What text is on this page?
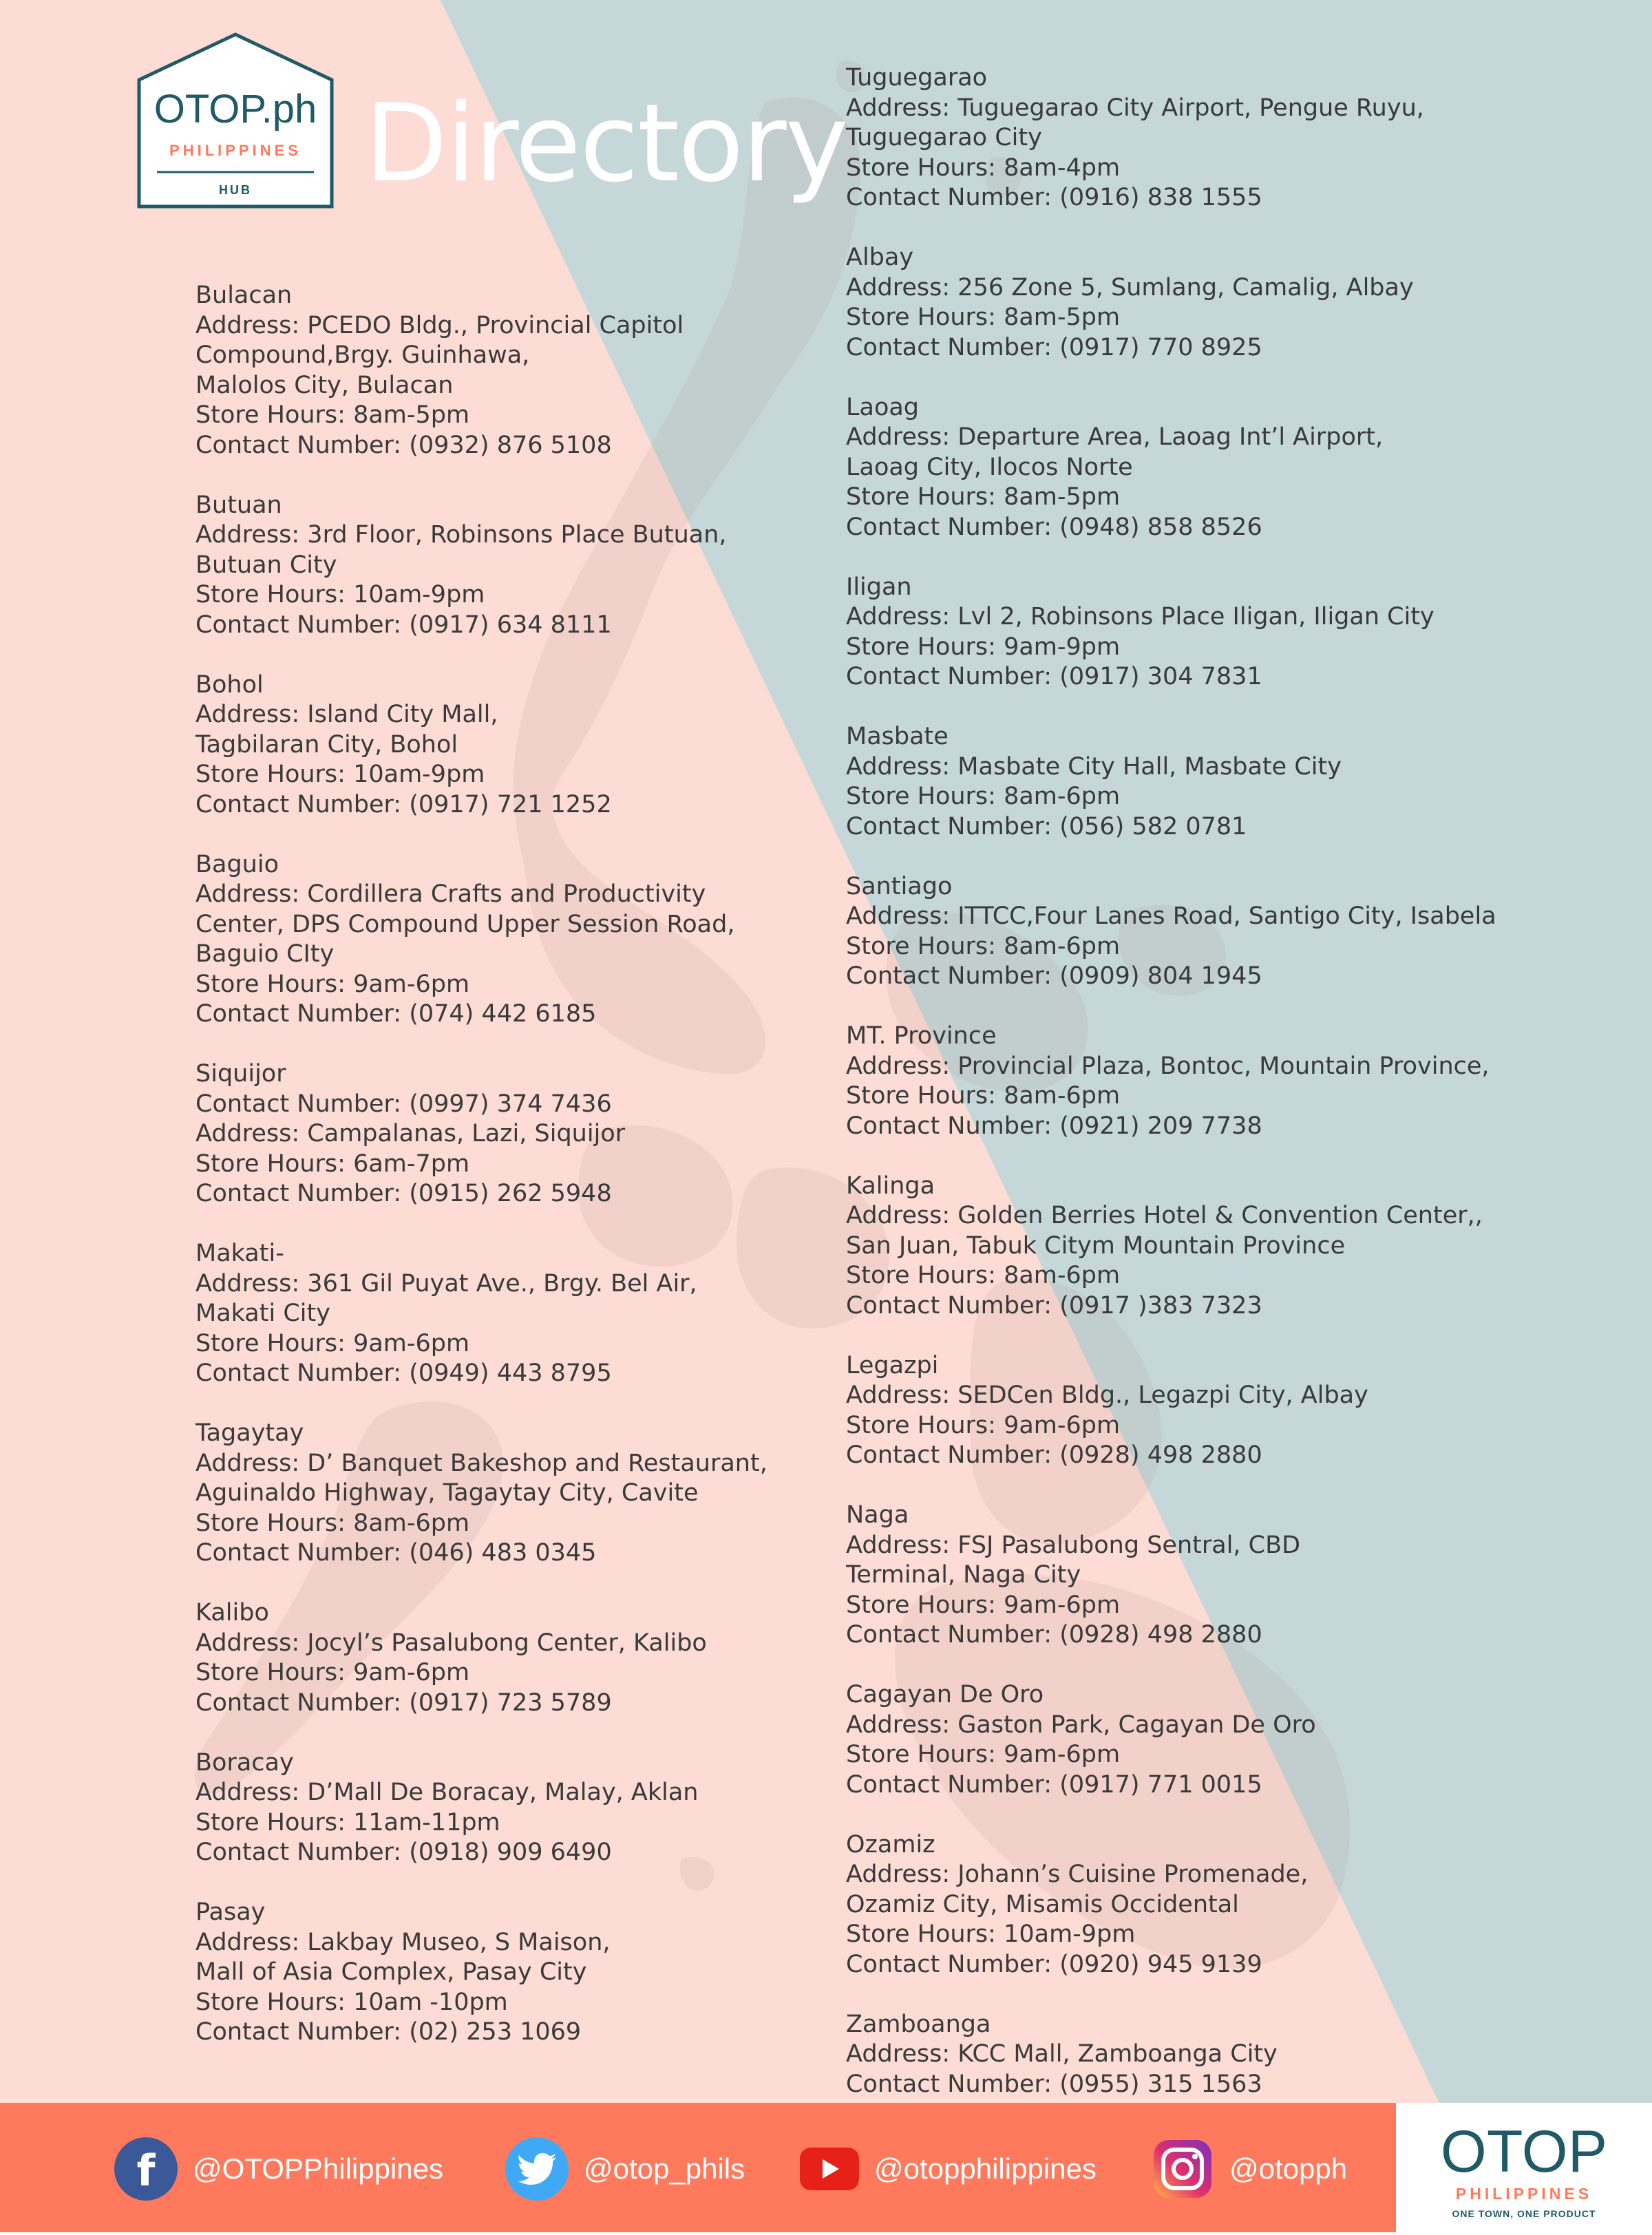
OTOP.ph
PHILIPPINES
HUB Directory
Bulacan
Address: PCEDO Bldg., Provincial Capitol
Compound,Brgy. Guinhawa,
Malolos City, Bulacan
Store Hours: 8am-5pm
Contact Number: (0932) 876 5108
Butuan
Address: 3rd Floor, Robinsons Place Butuan,
Butuan City
Store Hours: 10am-9pm
Contact Number: (0917) 634 8111
Bohol
Address: Island City Mall,
Tagbilaran City, Bohol
Store Hours: 10am-9pm
Contact Number: (0917) 721 1252
Baguio
Address: Cordillera Crafts and Productivity
Center, DPS Compound Upper Session Road,
Baguio CIty
Store Hours: 9am-6pm
Contact Number: (074) 442 6185
Siquijor
Contact Number: (0997) 374 7436
Address: Campalanas, Lazi, Siquijor
Store Hours: 6am-7pm
Contact Number: (0915) 262 5948
Makati-
Address: 361 Gil Puyat Ave., Brgy. Bel Air,
Makati City
Store Hours: 9am-6pm
Contact Number: (0949) 443 8795
Tagaytay
Address: D’ Banquet Bakeshop and Restaurant,
Aguinaldo Highway, Tagaytay City, Cavite
Store Hours: 8am-6pm
Contact Number: (046) 483 0345
Kalibo
Address: Jocyl’s Pasalubong Center, Kalibo
Store Hours: 9am-6pm
Contact Number: (0917) 723 5789
Boracay
Address: D’Mall De Boracay, Malay, Aklan
Store Hours: 11am-11pm
Contact Number: (0918) 909 6490
Pasay
Address: Lakbay Museo, S Maison,
Mall of Asia Complex, Pasay City
Store Hours: 10am -10pm
Contact Number: (02) 253 1069
Tuguegarao
Address: Tuguegarao City Airport, Pengue Ruyu,
Tuguegarao City
Store Hours: 8am-4pm
Contact Number: (0916) 838 1555
Albay
Address: 256 Zone 5, Sumlang, Camalig, Albay
Store Hours: 8am-5pm
Contact Number: (0917) 770 8925
Laoag
Address: Departure Area, Laoag Int’l Airport,
Laoag City, Ilocos Norte
Store Hours: 8am-5pm
Contact Number: (0948) 858 8526
Iligan
Address: Lvl 2, Robinsons Place Iligan, Iligan City
Store Hours: 9am-9pm
Contact Number: (0917) 304 7831
Masbate
Address: Masbate City Hall, Masbate City
Store Hours: 8am-6pm
Contact Number: (056) 582 0781
Santiago
Address: ITTCC,Four Lanes Road, Santigo City, Isabela
Store Hours: 8am-6pm
Contact Number: (0909) 804 1945
MT. Province
Address: Provincial Plaza, Bontoc, Mountain Province,
Store Hours: 8am-6pm
Contact Number: (0921) 209 7738
Kalinga
Address: Golden Berries Hotel & Convention Center,,
San Juan, Tabuk Citym Mountain Province
Store Hours: 8am-6pm
Contact Number: (0917 )383 7323
Legazpi
Address: SEDCen Bldg., Legazpi City, Albay
Store Hours: 9am-6pm
Contact Number: (0928) 498 2880
Naga
Address: FSJ Pasalubong Sentral, CBD
Terminal, Naga City
Store Hours: 9am-6pm
Contact Number: (0928) 498 2880
Cagayan De Oro
Address: Gaston Park, Cagayan De Oro
Store Hours: 9am-6pm
Contact Number: (0917) 771 0015
Ozamiz
Address: Johann’s Cuisine Promenade,
Ozamiz City, Misamis Occidental
Store Hours: 10am-9pm
Contact Number: (0920) 945 9139
Zamboanga
Address: KCC Mall, Zamboanga City
Contact Number: (0955) 315 1563
OTOP
PHILIPPINES
ONE TOWN, ONE PRODUCT
f @OTOPPhilippines	@otop_phils	@otopphilippines	@otopph
